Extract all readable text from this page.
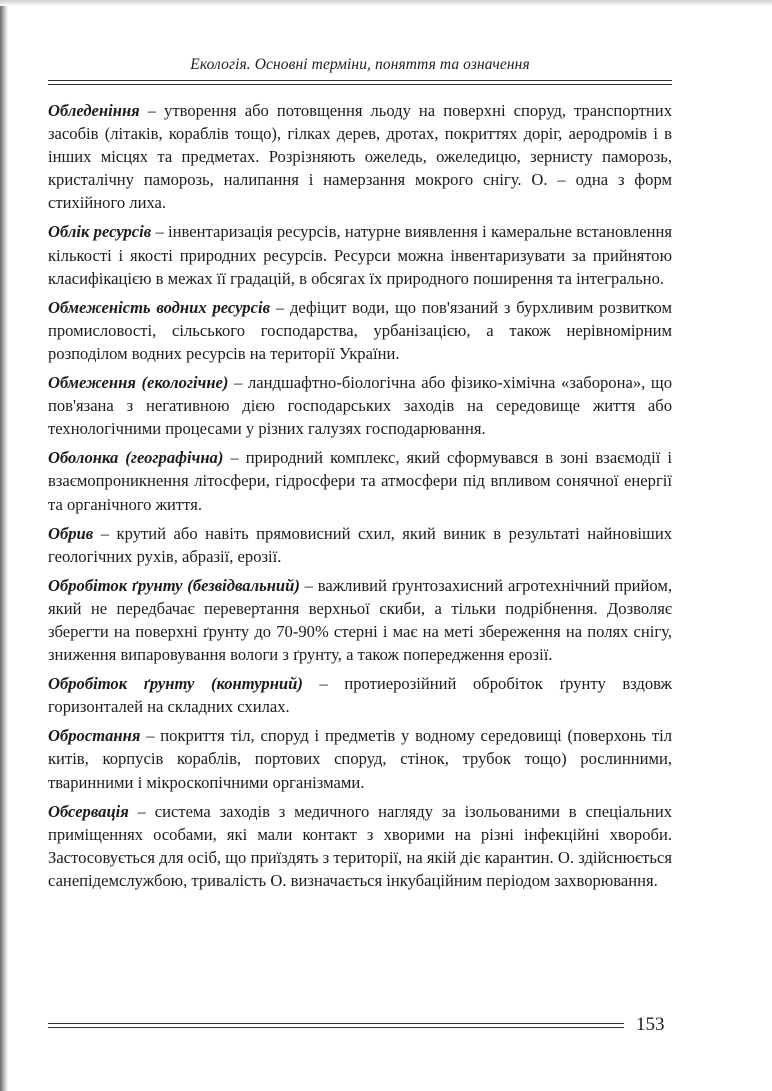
Екологія. Основні терміни, поняття та означення

Обледеніння – утворення або потовщення льоду на поверхні споруд, транспортних засобів (літаків, кораблів тощо), гілках дерев, дротах, покриттях доріг, аеродромів і в інших місцях та предметах. Розрізняють ожеледь, ожеледицю, зернисту паморозь, кристалічну паморозь, налипання і намерзання мокрого снігу. О. – одна з форм стихійного лиха.

Облік ресурсів – інвентаризація ресурсів, натурне виявлення і камеральне встановлення кількості і якості природних ресурсів. Ресурси можна інвентаризувати за прийнятою класифікацією в межах її градацій, в обсягах їх природного поширення та інтегрально.

Обмеженість водних ресурсів – дефіцит води, що пов'язаний з бурхливим розвитком промисловості, сільського господарства, урбанізацією, а також нерівномірним розподілом водних ресурсів на території України.

Обмеження (екологічне) – ландшафтно-біологічна або фізико-хімічна «заборона», що пов'язана з негативною дією господарських заходів на середовище життя або технологічними процесами у різних галузях господарювання.

Оболонка (географічна) – природний комплекс, який сформувався в зоні взаємодії і взаємопроникнення літосфери, гідросфери та атмосфери під впливом сонячної енергії та органічного життя.

Обрив – крутий або навіть прямовисний схил, який виник в результаті найновіших геологічних рухів, абразії, ерозії.

Обробіток ґрунту (безвідвальний) – важливий ґрунтозахисний агротехнічний прийом, який не передбачає перевертання верхньої скиби, а тільки подрібнення. Дозволяє зберегти на поверхні ґрунту до 70-90% стерні і має на меті збереження на полях снігу, зниження випаровування вологи з ґрунту, а також попередження ерозії.

Обробіток ґрунту (контурний) – протиерозійний обробіток ґрунту вздовж горизонталей на складних схилах.

Обростання – покриття тіл, споруд і предметів у водному середовищі (поверхонь тіл китів, корпусів кораблів, портових споруд, стінок, трубок тощо) рослинними, тваринними і мікроскопічними організмами.

Обсервація – система заходів з медичного нагляду за ізольованими в спеціальних приміщеннях особами, які мали контакт з хворими на різні інфекційні хвороби. Застосовується для осіб, що приїздять з території, на якій діє карантин. О. здійснюється санепідемслужбою, тривалість О. визначається інкубаційним періодом захворювання.

153
